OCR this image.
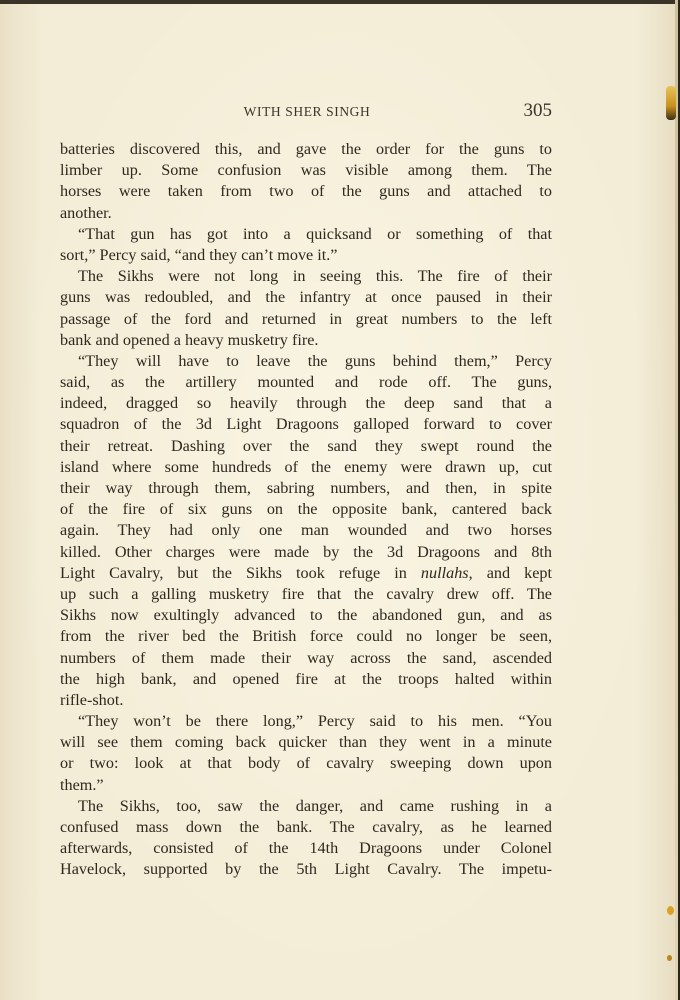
WITH SHER SINGH	305
batteries discovered this, and gave the order for the guns to
limber up. Some confusion was visible among them. The
horses were taken from two of the guns and attached to
another.
“That gun has got into a quicksand or something of that
sort,” Percy said, “and they can’t move it.”
The Sikhs were not long in seeing this. The fire of their
guns was redoubled, and the infantry at once paused in their
passage of the ford and returned in great numbers to the left
bank and opened a heavy musketry fire.
“They will have to leave the guns behind them,” Percy
said, as the artillery mounted and rode off. The guns,
indeed, dragged so heavily through the deep sand that a
squadron of the 3d Light Dragoons galloped forward to cover
their retreat. Dashing over the sand they swept round the
island where some hundreds of the enemy were drawn up, cut
their way through them, sabring numbers, and then, in spite
of the fire of six guns on the opposite bank, cantered back
again. They had only one man wounded and two horses
killed. Other charges were made by the 3d Dragoons and 8th
Light Cavalry, but the Sikhs took refuge in nullahs, and kept
up such a galling musketry fire that the cavalry drew off. The
Sikhs now exultingly advanced to the abandoned gun, and as
from the river bed the British force could no longer be seen,
numbers of them made their way across the sand, ascended
the high bank, and opened fire at the troops halted within
rifle-shot.
“They won’t be there long,” Percy said to his men. “You
will see them coming back quicker than they went in a minute
or two: look at that body of cavalry sweeping down upon
them.”
The Sikhs, too, saw the danger, and came rushing in a
confused mass down the bank. The cavalry, as he learned
afterwards, consisted of the 14th Dragoons under Colonel
Havelock, supported by the 5th Light Cavalry. The impetu-
